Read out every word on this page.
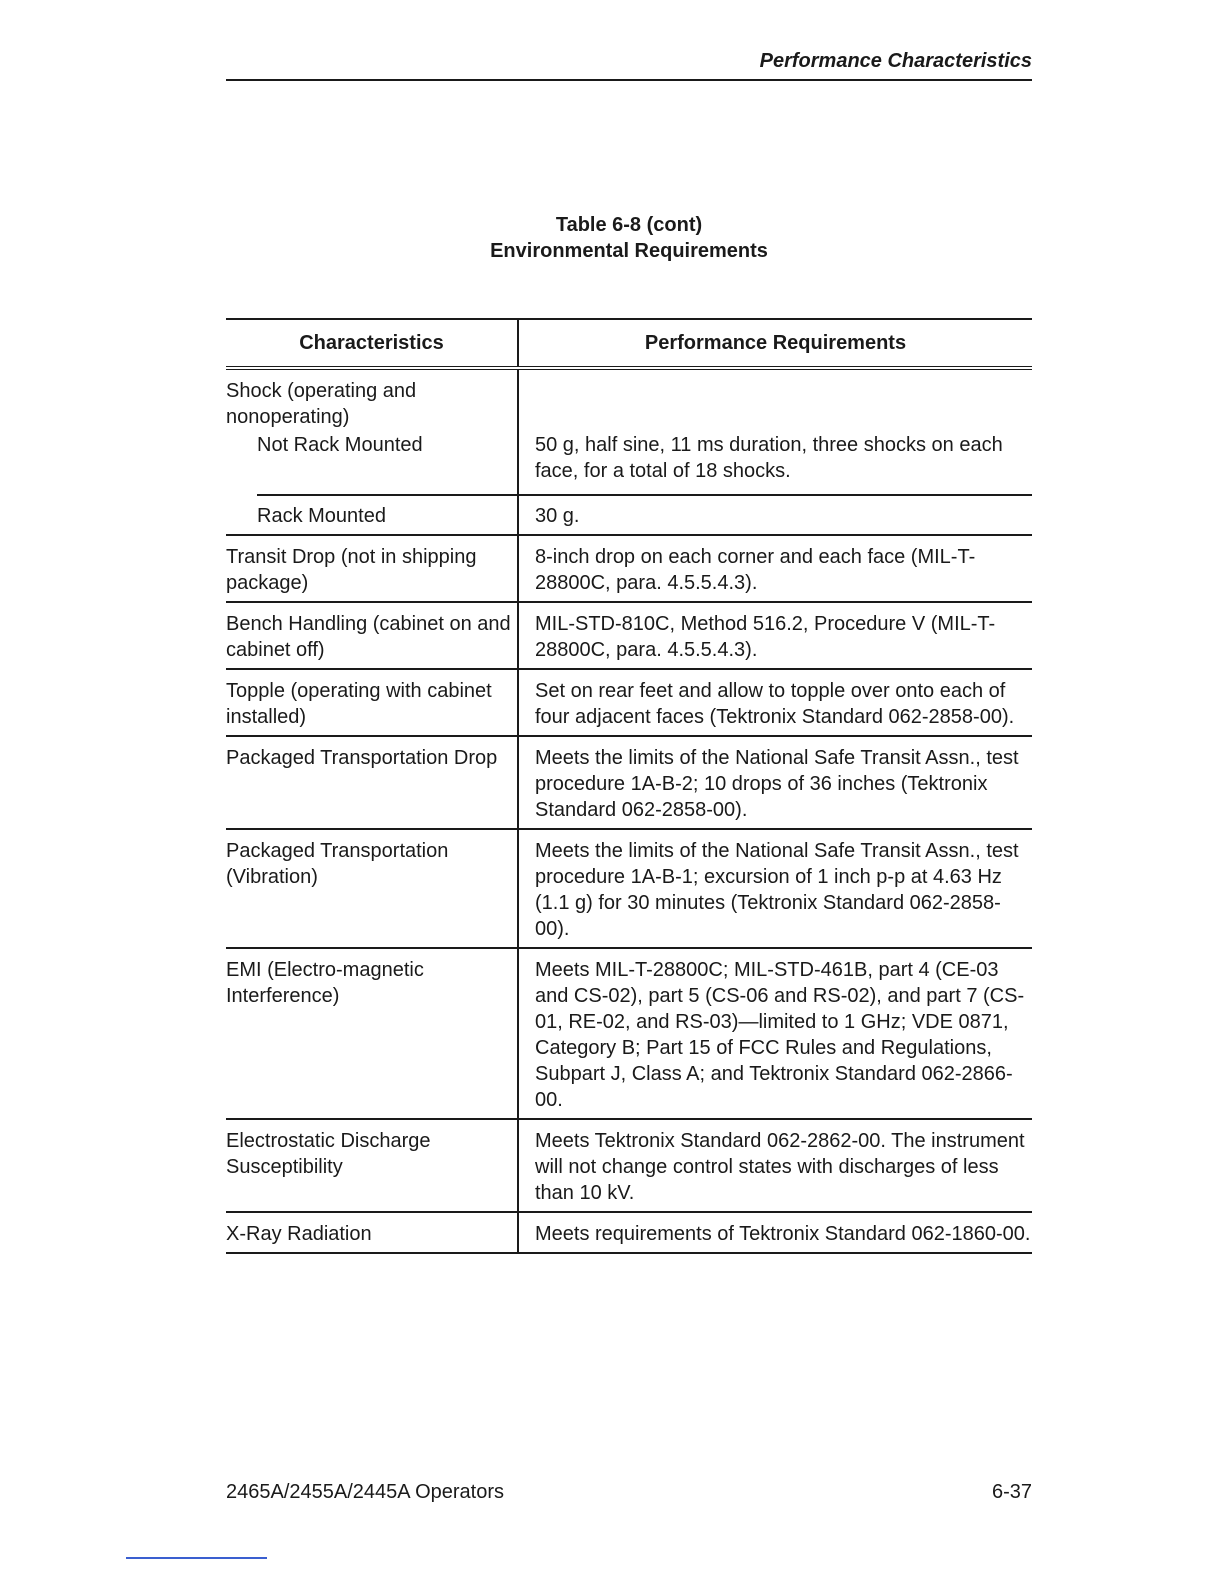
Performance Characteristics
Table 6-8 (cont)
Environmental Requirements
Characteristics	Performance Requirements
Shock (operating and nonoperating)	
Not Rack Mounted	50 g, half sine, 11 ms duration, three shocks on each face, for a total of 18 shocks.

Rack Mounted	30 g.
Transit Drop (not in shipping package)	8-inch drop on each corner and each face (MIL-T-28800C, para. 4.5.5.4.3).
Bench Handling (cabinet on and cabinet off)	MIL-STD-810C, Method 516.2, Procedure V (MIL-T-28800C, para. 4.5.5.4.3).
Topple (operating with cabinet installed)	Set on rear feet and allow to topple over onto each of four adjacent faces (Tektronix Standard 062-2858-00).
Packaged Transportation Drop	Meets the limits of the National Safe Transit Assn., test procedure 1A-B-2; 10 drops of 36 inches (Tektronix Standard 062-2858-00).
Packaged Transportation (Vibration)	Meets the limits of the National Safe Transit Assn., test procedure 1A-B-1; excursion of 1 inch p-p at 4.63 Hz (1.1 g) for 30 minutes (Tektronix Standard 062-2858-00).
EMI (Electro-magnetic Interference)	Meets MIL-T-28800C; MIL-STD-461B, part 4 (CE-03 and CS-02), part 5 (CS-06 and RS-02), and part 7 (CS-01, RE-02, and RS-03)—limited to 1 GHz; VDE 0871, Category B; Part 15 of FCC Rules and Regulations, Subpart J, Class A; and Tektronix Standard 062-2866-00.
Electrostatic Discharge Susceptibility	Meets Tektronix Standard 062-2862-00. The instrument will not change control states with discharges of less than 10 kV.
X-Ray Radiation	Meets requirements of Tektronix Standard 062-1860-00.
2465A/2455A/2445A Operators	6-37
